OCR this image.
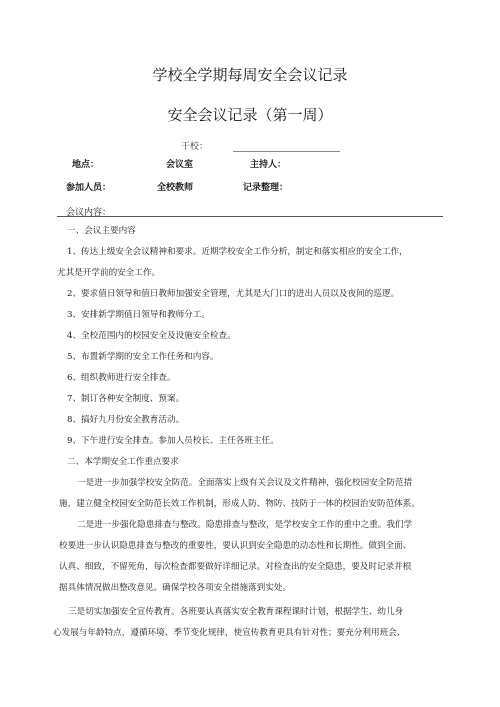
学校全学期每周安全会议记录
安全会议记录（第一周）
干校：
地点：	会议室	主持人：
参加人员：	全校教师	记录整理：
会议内容：
一、会议主要内容
1、传达上级安全会议精神和要求。近期学校安全工作分析，制定和落实相应的安全工作，
尤其是开学前的安全工作。
2、要求值日领导和值日教师加强安全管理，尤其是大门口的进出人员以及夜间的巡逻。
3、安排新学期值日领导和教师分工。
4、全校范围内的校园安全及设施安全检查。
5、布置新学期的安全工作任务和内容。
6、组织教师进行安全排查。
7、制订各种安全制度、预案。
8、搞好九月份安全教育活动。
9、下午进行安全排查。参加人员校长、主任各班主任。
二、本学期安全工作重点要求
一是进一步加强学校安全防范。全面落实上级有关会议及文件精神，强化校园安全防范措
施，建立健全校园安全防范长效工作机制，形成人防、物防、技防于一体的校园治安防范体系。
二是进一步强化隐患排查与整改。隐患排查与整改，是学校安全工作的重中之重。我们学
校要进一步认识隐患排查与整改的重要性，要认识到安全隐患的动态性和长期性。做到全面、
认真、细致，不留死角，每次检查都要做好详细记录。对检查出的安全隐患，要及时记录并根
据具体情况做出整改意见。确保学校各项安全措施落到实处。
三是切实加强安全宣传教育。各班要认真落实安全教育课程课时计划，根据学生、幼儿身
心发展与年龄特点，遵循环境、季节变化规律，使宣传教育更具有针对性；要充分利用班会、
